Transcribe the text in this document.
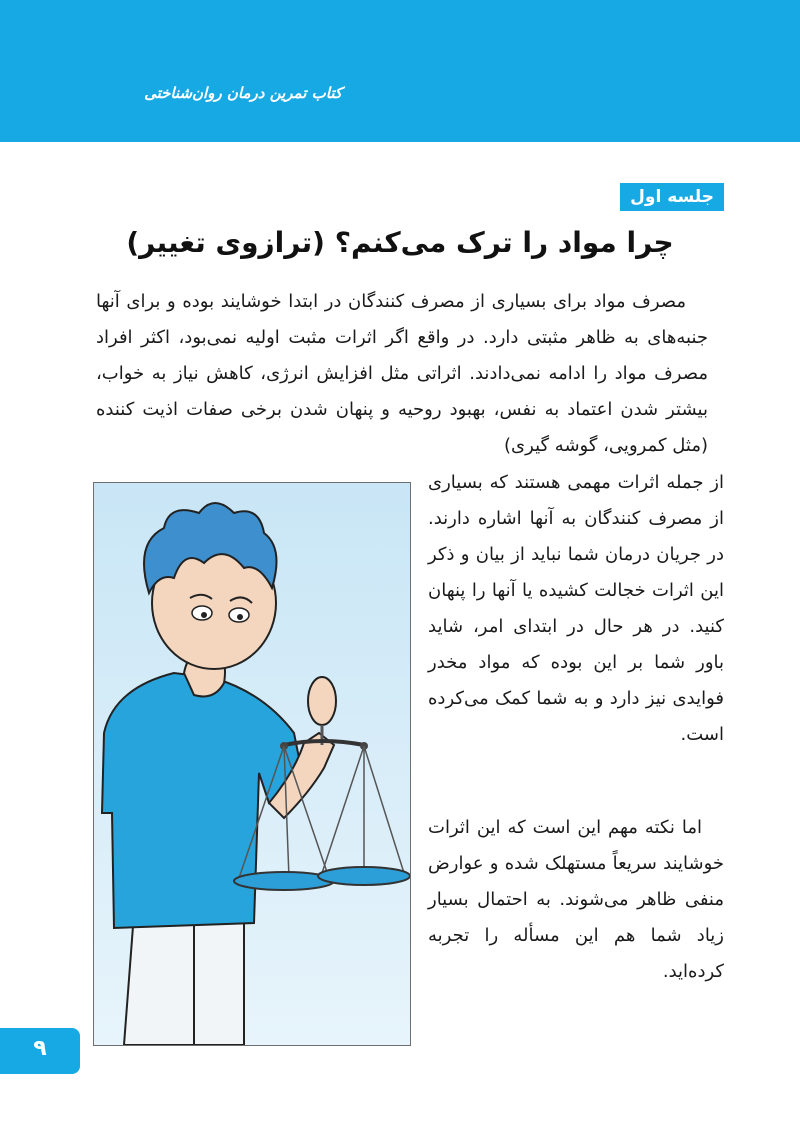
کتاب تمرین درمان روان‌شناختی
جلسه اول
چرا مواد را ترک می‌کنم؟ (ترازوی تغییر)

مصرف مواد برای بسیاری از مصرف کنندگان در ابتدا خوشایند بوده و برای آنها جنبه‌های به ظاهر مثبتی دارد. در واقع اگر اثرات مثبت اولیه نمی‌بود، اکثر افراد مصرف مواد را ادامه نمی‌دادند. اثراتی مثل افزایش انرژی، کاهش نیاز به خواب، بیشتر شدن اعتماد به نفس، بهبود روحیه و پنهان شدن برخی صفات اذیت کننده (مثل کمرویی، گوشه گیری)

از جمله اثرات مهمی هستند که بسیاری از مصرف کنندگان به آنها اشاره دارند. در جریان درمان شما نباید از بیان و ذکر این اثرات خجالت کشیده یا آنها را پنهان کنید. در هر حال در ابتدای امر، شاید باور شما بر این بوده که مواد مخدر فوایدی نیز دارد و به شما کمک می‌کرده است.

اما نکته مهم این است که این اثرات خوشایند سریعاً مستهلک شده و عوارض منفی ظاهر می‌شوند. به احتمال بسیار زیاد شما هم این مسأله را تجربه کرده‌اید.

۹
